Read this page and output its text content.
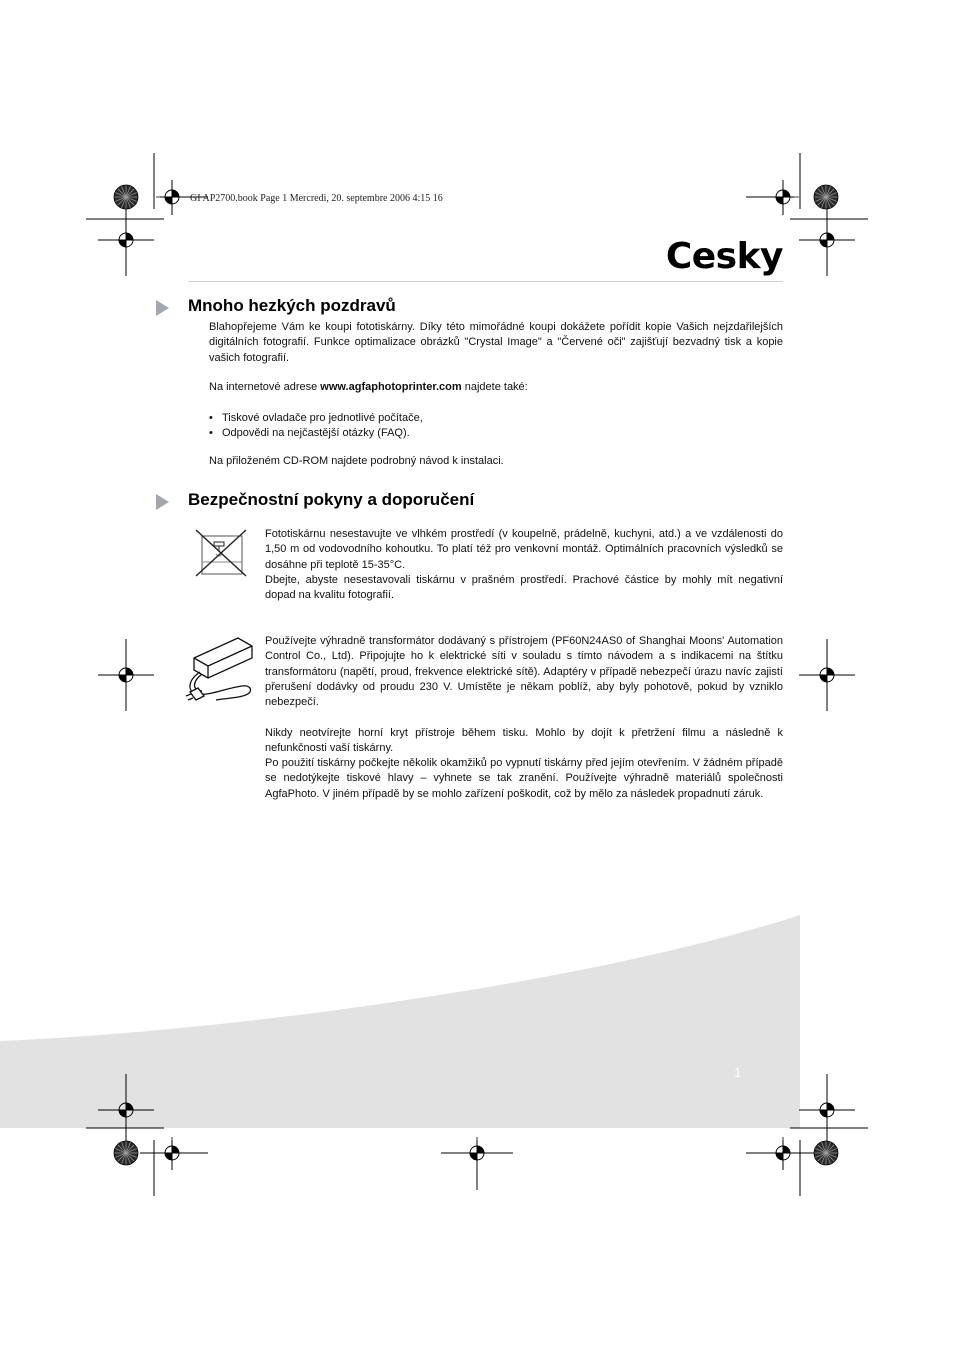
GI AP2700.book Page 1 Mercredi, 20. septembre 2006 4:15 16
Cesky
Mnoho hezkých pozdravů

Blahopřejeme Vám ke koupi fototiskárny. Díky této mimořádné koupi dokážete pořídit kopie Vašich nejzdařilejších digitálních fotografií. Funkce optimalizace obrázků "Crystal Image" a "Červené oči" zajišťují bezvadný tisk a kopie vašich fotografií.

Na internetové adrese www.agfaphotoprinter.com najdete také:

• Tiskové ovladače pro jednotlivé počítače,
• Odpovědi na nejčastější otázky (FAQ).

Na přiloženém CD-ROM najdete podrobný návod k instalaci.

Bezpečnostní pokyny a doporučení

Fototiskárnu nesestavujte ve vlhkém prostředí (v koupelně, prádelně, kuchyni, atd.) a ve vzdálenosti do 1,50 m od vodovodního kohoutku. To platí též pro venkovní montáž. Optimálních pracovních výsledků se dosáhne při teplotě 15-35°C.

Dbejte, abyste nesestavovali tiskárnu v prašném prostředí. Prachové částice by mohly mít negativní dopad na kvalitu fotografií.

Používejte výhradně transformátor dodávaný s přístrojem (PF60N24AS0 of Shanghai Moons' Automation Control Co., Ltd). Připojujte ho k elektrické síti v souladu s tímto návodem a s indikacemi na štítku transformátoru (napětí, proud, frekvence elektrické sítě). Adaptéry v případě nebezpečí úrazu navíc zajistí přerušení dodávky od proudu 230 V. Umístěte je někam poblíž, aby byly pohotově, pokud by vzniklo nebezpečí.

Nikdy neotvírejte horní kryt přístroje během tisku. Mohlo by dojít k přetržení filmu a následně k nefunkčnosti vaší tiskárny.

Po použití tiskárny počkejte několik okamžiků po vypnutí tiskárny před jejím otevřením. V žádném případě se nedotýkejte tiskové hlavy – vyhnete se tak zranění. Používejte výhradně materiálů společnosti AgfaPhoto. V jiném případě by se mohlo zařízení poškodit, což by mělo za následek propadnutí záruk.

1
